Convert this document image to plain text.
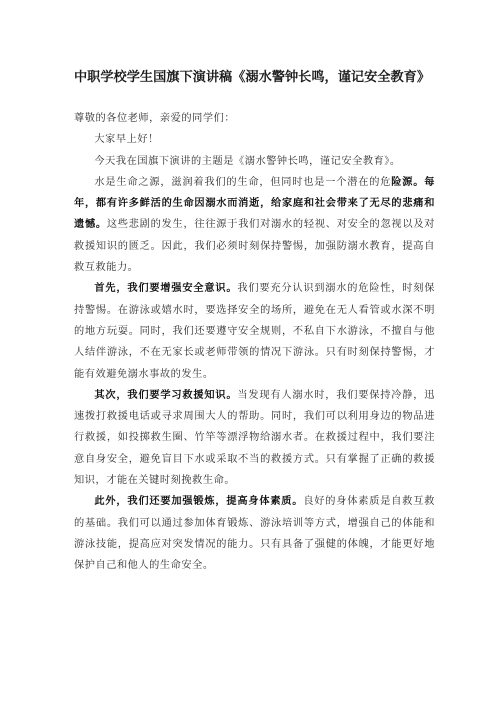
中职学校学生国旗下演讲稿《溺水警钟长鸣，谨记安全教育》

尊敬的各位老师，亲爱的同学们：

大家早上好！

今天我在国旗下演讲的主题是《溺水警钟长鸣，谨记安全教育》。

水是生命之源，滋润着我们的生命，但同时也是一个潜在的危险源。每年，都有许多鲜活的生命因溺水而消逝，给家庭和社会带来了无尽的悲痛和遗憾。这些悲剧的发生，往往源于我们对溺水的轻视、对安全的忽视以及对救援知识的匮乏。因此，我们必须时刻保持警惕，加强防溺水教育，提高自救互救能力。

首先，我们要增强安全意识。我们要充分认识到溺水的危险性，时刻保持警惕。在游泳或嬉水时，要选择安全的场所，避免在无人看管或水深不明的地方玩耍。同时，我们还要遵守安全规则，不私自下水游泳，不擅自与他人结伴游泳，不在无家长或老师带领的情况下游泳。只有时刻保持警惕，才能有效避免溺水事故的发生。

其次，我们要学习救援知识。当发现有人溺水时，我们要保持冷静，迅速拨打救援电话或寻求周围大人的帮助。同时，我们可以利用身边的物品进行救援，如投掷救生圈、竹竿等漂浮物给溺水者。在救援过程中，我们要注意自身安全，避免盲目下水或采取不当的救援方式。只有掌握了正确的救援知识，才能在关键时刻挽救生命。

此外，我们还要加强锻炼，提高身体素质。良好的身体素质是自救互救的基础。我们可以通过参加体育锻炼、游泳培训等方式，增强自己的体能和游泳技能，提高应对突发情况的能力。只有具备了强健的体魄，才能更好地保护自己和他人的生命安全。
